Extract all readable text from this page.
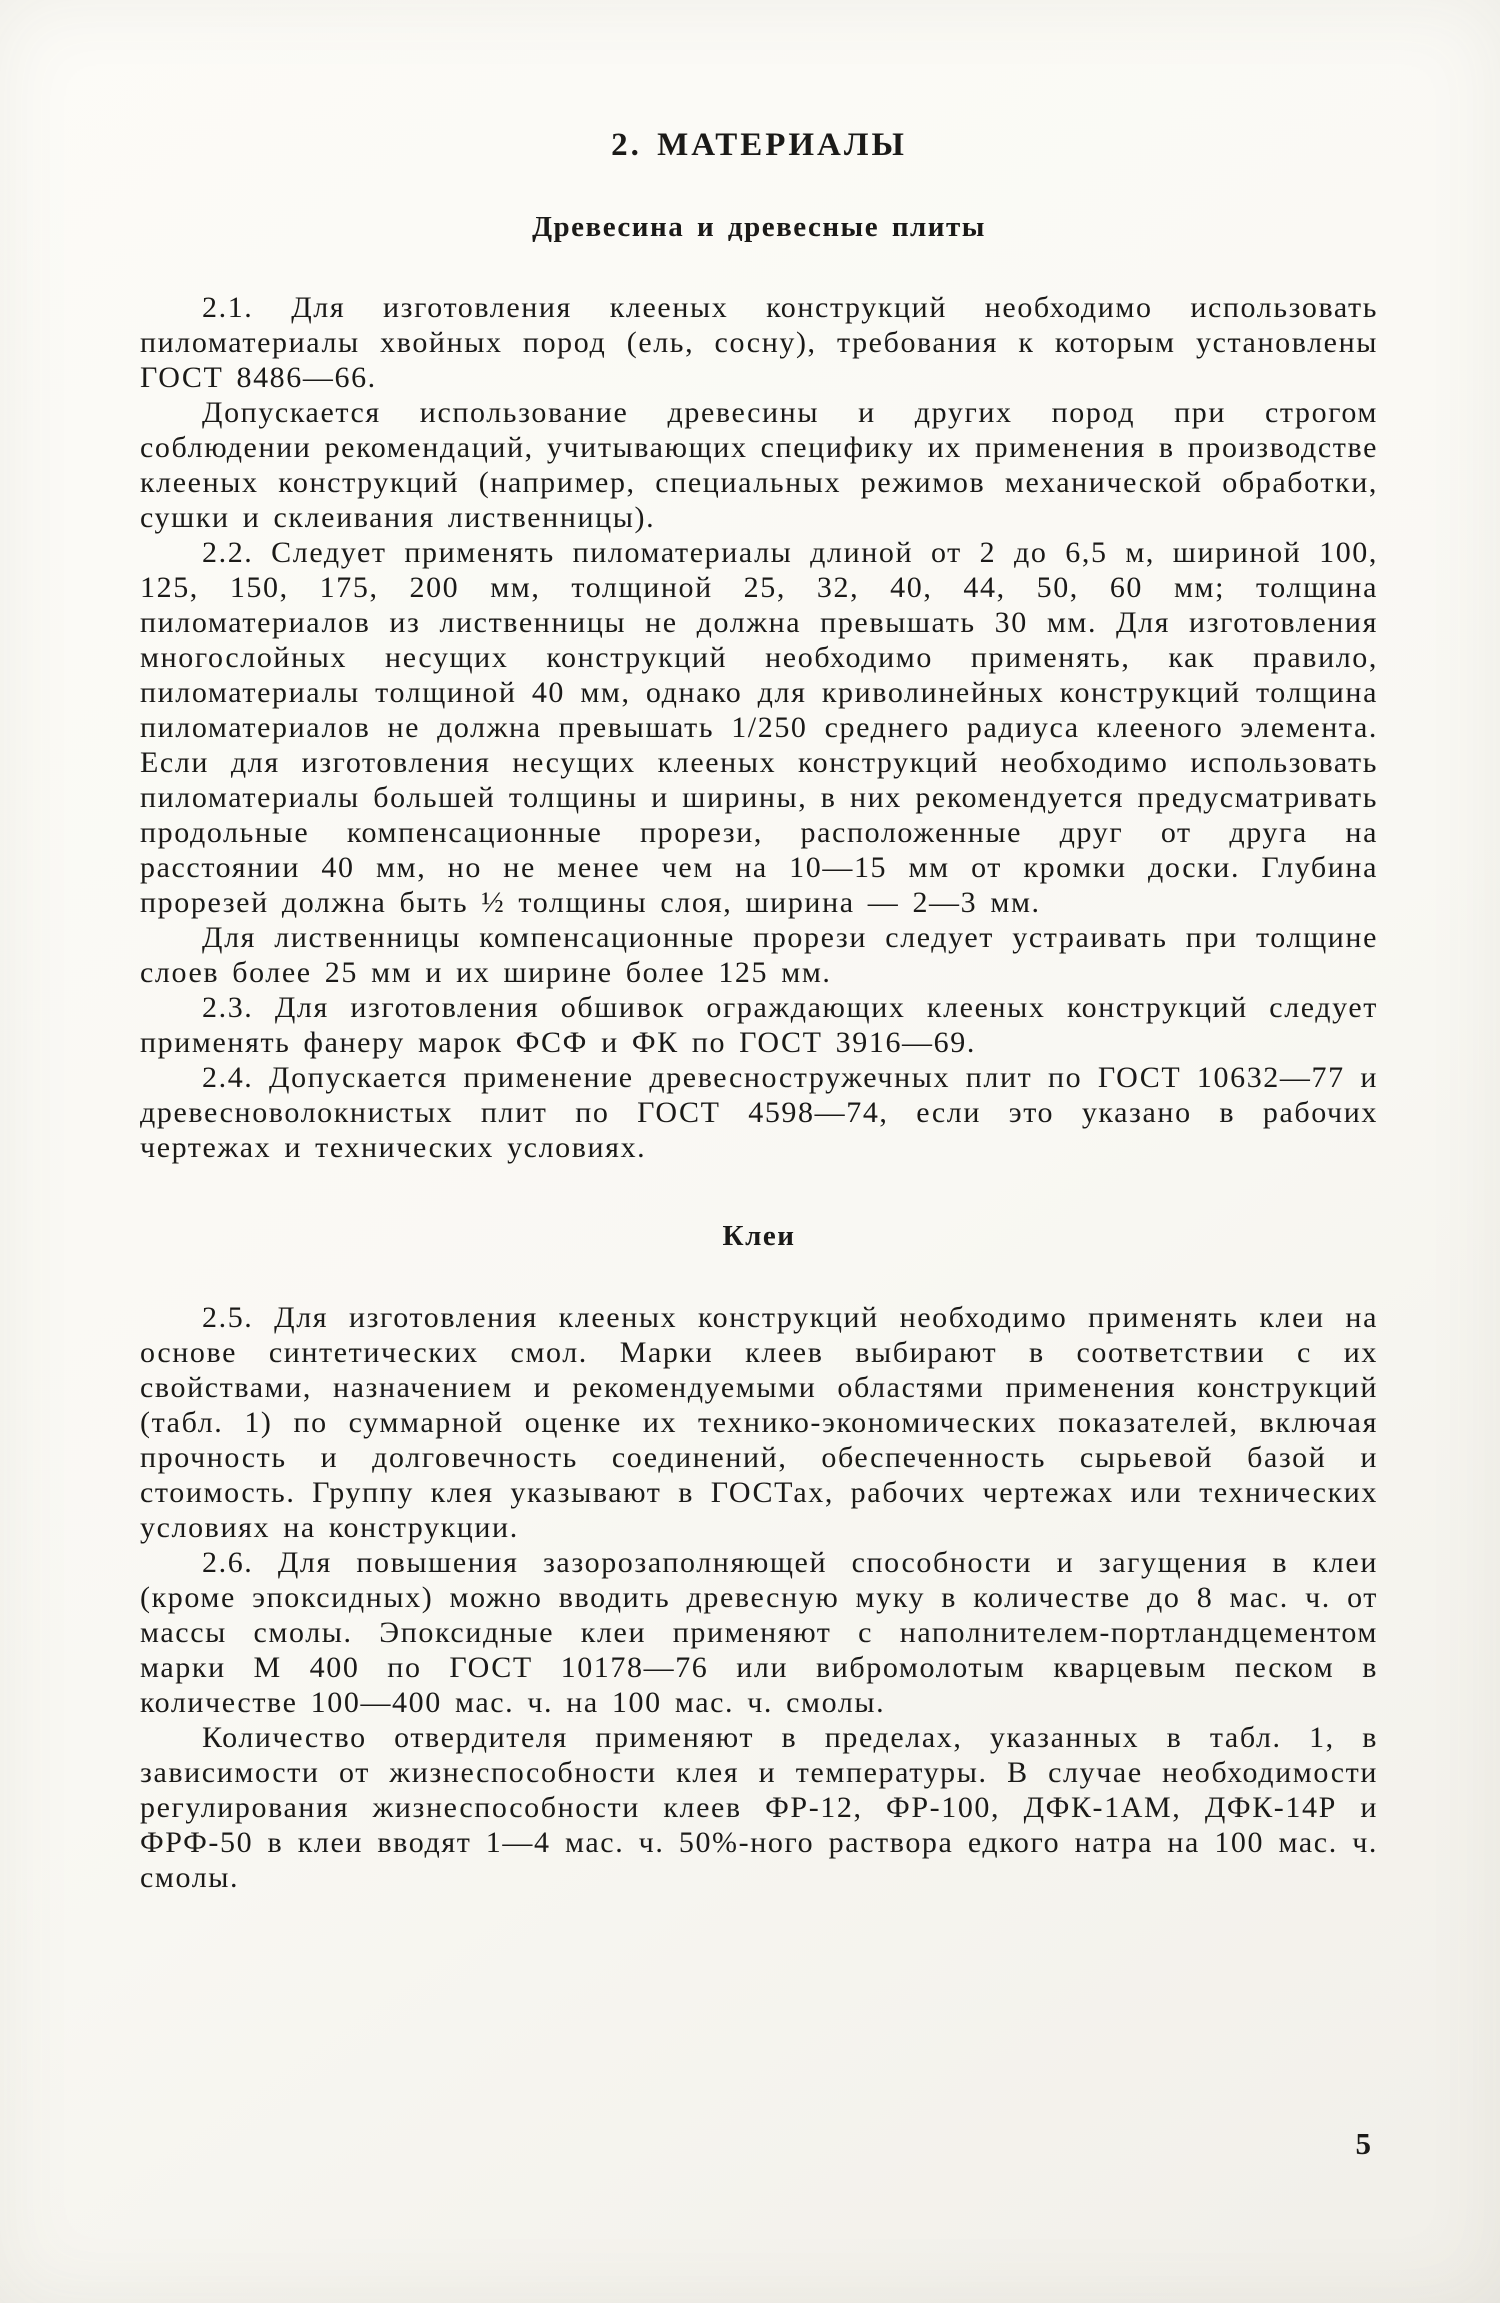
2. МАТЕРИАЛЫ
Древесина и древесные плиты

2.1. Для изготовления клееных конструкций необходимо использовать пиломатериалы хвойных пород (ель, сосну), требования к которым установлены ГОСТ 8486—66.

Допускается использование древесины и других пород при строгом соблюдении рекомендаций, учитывающих специфику их применения в производстве клееных конструкций (например, специальных режимов механической обработки, сушки и склеивания лиственницы).

2.2. Следует применять пиломатериалы длиной от 2 до 6,5 м, шириной 100, 125, 150, 175, 200 мм, толщиной 25, 32, 40, 44, 50, 60 мм; толщина пиломатериалов из лиственницы не должна превышать 30 мм. Для изготовления многослойных несущих конструкций необходимо применять, как правило, пиломатериалы толщиной 40 мм, однако для криволинейных конструкций толщина пиломатериалов не должна превышать 1/250 среднего радиуса клееного элемента. Если для изготовления несущих клееных конструкций необходимо использовать пиломатериалы большей толщины и ширины, в них рекомендуется предусматривать продольные компенсационные прорези, расположенные друг от друга на расстоянии 40 мм, но не менее чем на 10—15 мм от кромки доски. Глубина прорезей должна быть ½ толщины слоя, ширина — 2—3 мм.

Для лиственницы компенсационные прорези следует устраивать при толщине слоев более 25 мм и их ширине более 125 мм.

2.3. Для изготовления обшивок ограждающих клееных конструкций следует применять фанеру марок ФСФ и ФК по ГОСТ 3916—69.

2.4. Допускается применение древесностружечных плит по ГОСТ 10632—77 и древесноволокнистых плит по ГОСТ 4598—74, если это указано в рабочих чертежах и технических условиях.

Клеи

2.5. Для изготовления клееных конструкций необходимо применять клеи на основе синтетических смол. Марки клеев выбирают в соответствии с их свойствами, назначением и рекомендуемыми областями применения конструкций (табл. 1) по суммарной оценке их технико-экономических показателей, включая прочность и долговечность соединений, обеспеченность сырьевой базой и стоимость. Группу клея указывают в ГОСТах, рабочих чертежах или технических условиях на конструкции.

2.6. Для повышения зазорозаполняющей способности и загущения в клеи (кроме эпоксидных) можно вводить древесную муку в количестве до 8 мас. ч. от массы смолы. Эпоксидные клеи применяют с наполнителем-портландцементом марки М 400 по ГОСТ 10178—76 или вибромолотым кварцевым песком в количестве 100—400 мас. ч. на 100 мас. ч. смолы.

Количество отвердителя применяют в пределах, указанных в табл. 1, в зависимости от жизнеспособности клея и температуры. В случае необходимости регулирования жизнеспособности клеев ФР-12, ФР-100, ДФК-1АМ, ДФК-14Р и ФРФ-50 в клеи вводят 1—4 мас. ч. 50%-ного раствора едкого натра на 100 мас. ч. смолы.

5
